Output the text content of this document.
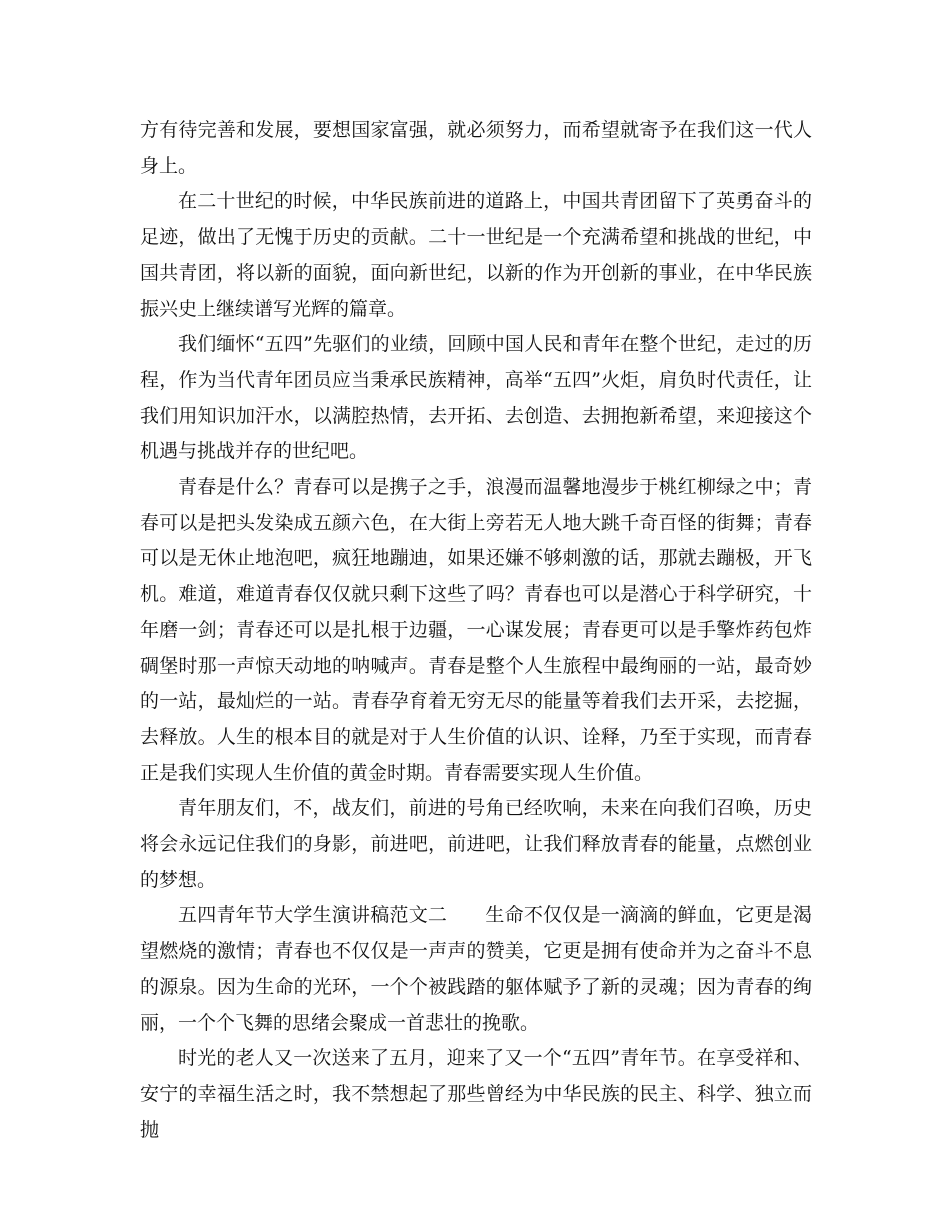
方有待完善和发展，要想国家富强，就必须努力，而希望就寄予在我们这一代人身上。

在二十世纪的时候，中华民族前进的道路上，中国共青团留下了英勇奋斗的足迹，做出了无愧于历史的贡献。二十一世纪是一个充满希望和挑战的世纪，中国共青团，将以新的面貌，面向新世纪，以新的作为开创新的事业，在中华民族振兴史上继续谱写光辉的篇章。

我们缅怀“五四”先驱们的业绩，回顾中国人民和青年在整个世纪，走过的历程，作为当代青年团员应当秉承民族精神，高举“五四”火炬，肩负时代责任，让我们用知识加汗水，以满腔热情，去开拓、去创造、去拥抱新希望，来迎接这个机遇与挑战并存的世纪吧。

青春是什么？青春可以是携子之手，浪漫而温馨地漫步于桃红柳绿之中；青春可以是把头发染成五颜六色，在大街上旁若无人地大跳千奇百怪的街舞；青春可以是无休止地泡吧，疯狂地蹦迪，如果还嫌不够刺激的话，那就去蹦极，开飞机。难道，难道青春仅仅就只剩下这些了吗？青春也可以是潜心于科学研究，十年磨一剑；青春还可以是扎根于边疆，一心谋发展；青春更可以是手擎炸药包炸碉堡时那一声惊天动地的呐喊声。青春是整个人生旅程中最绚丽的一站，最奇妙的一站，最灿烂的一站。青春孕育着无穷无尽的能量等着我们去开采，去挖掘，去释放。人生的根本目的就是对于人生价值的认识、诠释，乃至于实现，而青春正是我们实现人生价值的黄金时期。青春需要实现人生价值。

青年朋友们，不，战友们，前进的号角已经吹响，未来在向我们召唤，历史将会永远记住我们的身影，前进吧，前进吧，让我们释放青春的能量，点燃创业的梦想。

五四青年节大学生演讲稿范文二 生命不仅仅是一滴滴的鲜血，它更是渴望燃烧的激情；青春也不仅仅是一声声的赞美，它更是拥有使命并为之奋斗不息的源泉。因为生命的光环，一个个被践踏的躯体赋予了新的灵魂；因为青春的绚丽，一个个飞舞的思绪会聚成一首悲壮的挽歌。

时光的老人又一次送来了五月，迎来了又一个“五四”青年节。在享受祥和、安宁的幸福生活之时，我不禁想起了那些曾经为中华民族的民主、科学、独立而抛
